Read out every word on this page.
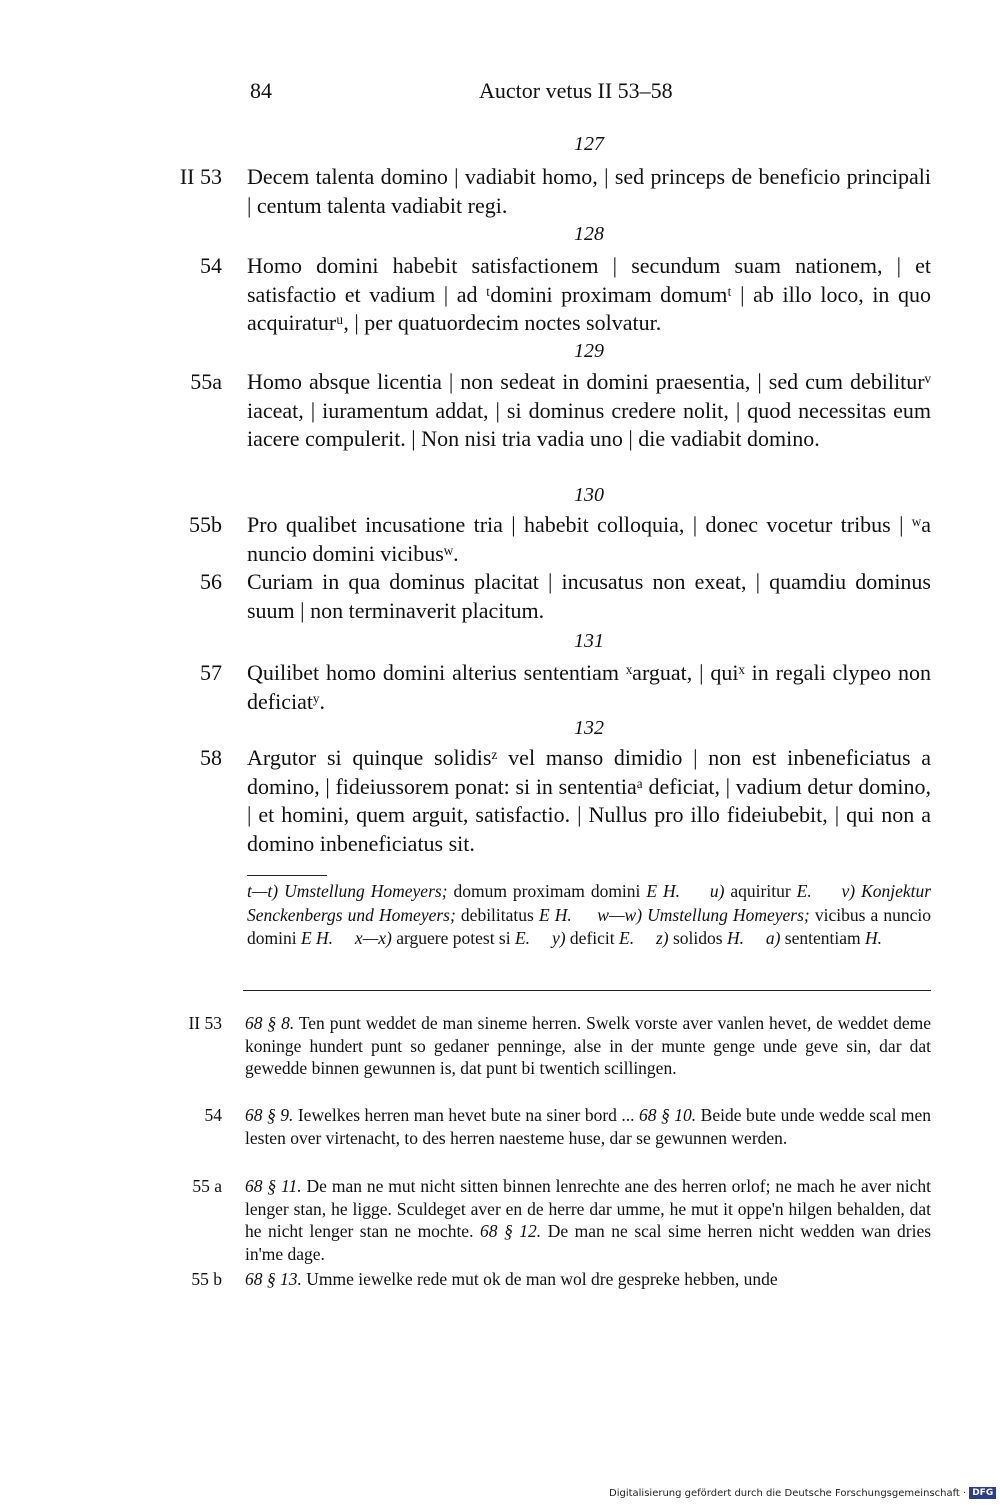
84	Auctor vetus II 53–58
127
II 53 Decem talenta domino | vadiabit homo, | sed princeps de beneficio principali | centum talenta vadiabit regi.
128
54 Homo domini habebit satisfactionem | secundum suam nationem, | et satisfactio et vadium | ad ᵗdomini proximam domumᵗ | ab illo loco, in quo acquiraturᵘ, | per quatuordecim noctes solvatur.
129
55a Homo absque licentia | non sedeat in domini praesentia, | sed cum debiliturᵛ iaceat, | iuramentum addat, | si dominus credere nolit, | quod necessitas eum iacere compulerit. | Non nisi tria vadia uno | die vadiabit domino.
130
55b Pro qualibet incusatione tria | habebit colloquia, | donec vocetur tribus | ʷa nuncio domini vicibusʷ.
56 Curiam in qua dominus placitat | incusatus non exeat, | quamdiu dominus suum | non terminaverit placitum.
131
57 Quilibet homo domini alterius sententiam ˣarguat, | quiˣ in regali clypeo non deficiatʸ.
132
58 Argutor si quinque solidisᶻ vel manso dimidio | non est inbeneficiatus a domino, | fideiussorem ponat: si in sententiaᵃ deficiat, | vadium detur domino, | et homini, quem arguit, satisfactio. | Nullus pro illo fideiubebit, | qui non a domino inbeneficiatus sit.
t—t) Umstellung Homeyers; domum proximam domini E H. u) aquiritur E. v) Konjektur Senckenbergs und Homeyers; debilitatus E H. w—w) Umstellung Homeyers; vicibus a nuncio domini E H. x—x) arguere potest si E. y) deficit E. z) solidos H. a) sententiam H.
II 53 68 § 8. Ten punt weddet de man sineme herren. Swelk vorste aver vanlen hevet, de weddet deme koninge hundert punt so gedaner penninge, alse in der munte genge unde geve sin, dar dat gewedde binnen gewunnen is, dat punt bi twentich scillingen.
54 68 § 9. Iewelkes herren man hevet bute na siner bord ... 68 § 10. Beide bute unde wedde scal men lesten over virtenacht, to des herren naesteme huse, dar se gewunnen werden.
55 a 68 § 11. De man ne mut nicht sitten binnen lenrechte ane des herren orlof; ne mach he aver nicht lenger stan, he ligge. Sculdeget aver en de herre dar umme, he mut it oppe'n hilgen behalden, dat he nicht lenger stan ne mochte. 68 § 12. De man ne scal sime herren nicht wedden wan dries in'me dage.
55 b 68 § 13. Umme iewelke rede mut ok de man wol dre gespreke hebben, unde
Digitalisierung gefördert durch die Deutsche Forschungsgemeinschaft · DFG
